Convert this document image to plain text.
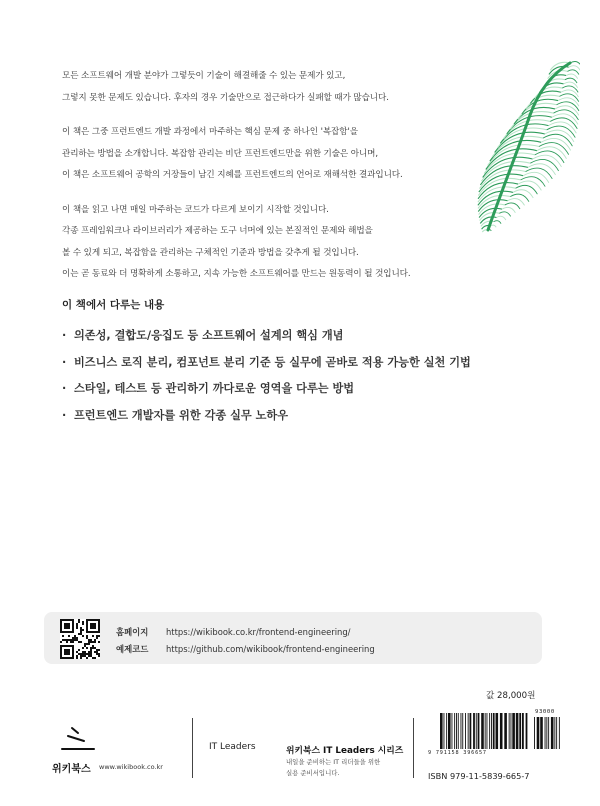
모든 소프트웨어 개발 분야가 그렇듯이 기술이 해결해줄 수 있는 문제가 있고,
그렇지 못한 문제도 있습니다. 후자의 경우 기술만으로 접근하다가 실패할 때가 많습니다.
이 책은 그중 프런트엔드 개발 과정에서 마주하는 핵심 문제 중 하나인 '복잡함'을
관리하는 방법을 소개합니다. 복잡함 관리는 비단 프런트엔드만을 위한 기술은 아니며,
이 책은 소프트웨어 공학의 거장들이 남긴 지혜를 프런트엔드의 언어로 재해석한 결과입니다.
이 책을 읽고 나면 매일 마주하는 코드가 다르게 보이기 시작할 것입니다.
각종 프레임워크나 라이브러리가 제공하는 도구 너머에 있는 본질적인 문제와 해법을
볼 수 있게 되고, 복잡함을 관리하는 구체적인 기준과 방법을 갖추게 될 것입니다.
이는 곧 동료와 더 명확하게 소통하고, 지속 가능한 소프트웨어를 만드는 원동력이 될 것입니다.
이 책에서 다루는 내용
· 의존성, 결합도/응집도 등 소프트웨어 설계의 핵심 개념
· 비즈니스 로직 분리, 컴포넌트 분리 기준 등 실무에 곧바로 적용 가능한 실천 기법
· 스타일, 테스트 등 관리하기 까다로운 영역을 다루는 방법
· 프런트엔드 개발자를 위한 각종 실무 노하우
홈페이지
예제코드
https://wikibook.co.kr/frontend-engineering/
https://github.com/wikibook/frontend-engineering
값 28,000원
위키북스 www.wikibook.co.kr
IT Leaders	위키북스 IT Leaders 시리즈
내일을 준비하는 IT 리더들을 위한
실용 준비서입니다.
93000
9 791158 396657
ISBN 979-11-5839-665-7
